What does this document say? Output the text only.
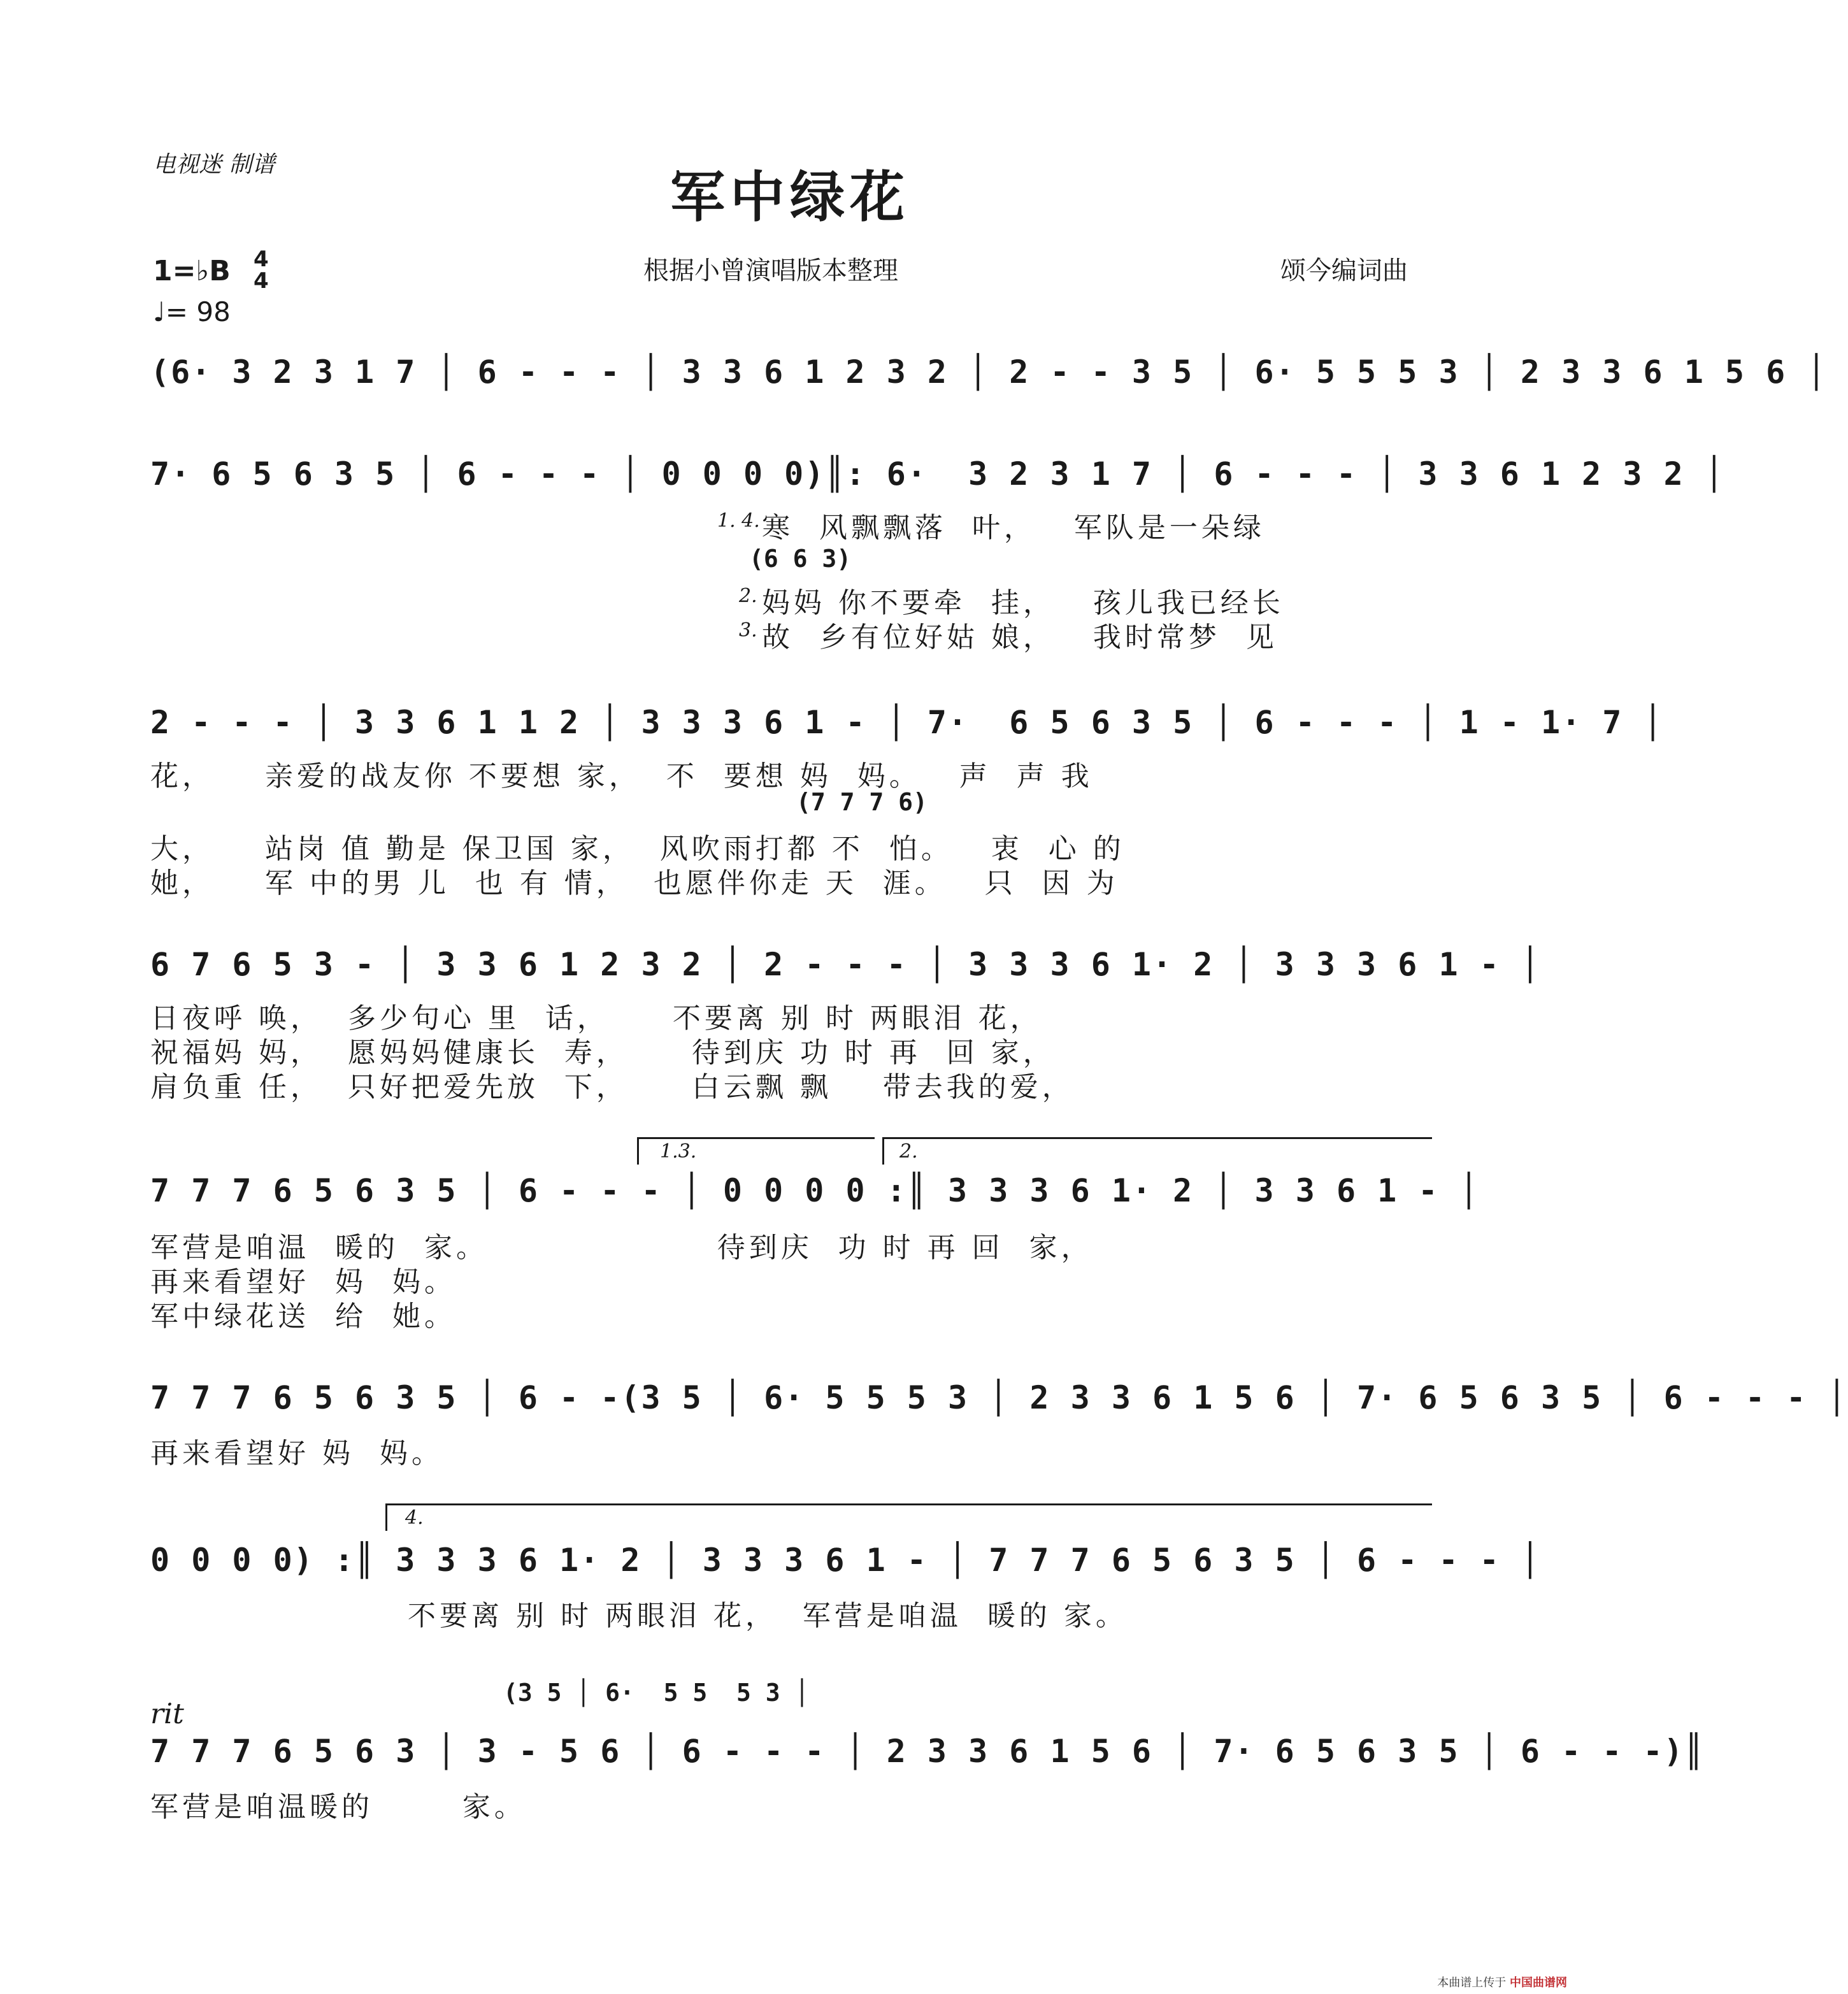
电视迷 制谱
军中绿花
根据小曾演唱版本整理	颂今编词曲
1=♭B 4
4
♩= 98
(6· 3 2 3 1 7 │ 6 - - - │ 3 3 6 1 2 3 2 │ 2 - - 3 5 │ 6· 5 5 5 3 │ 2 3 3 6 1 5 6 │
7· 6 5 6 3 5 │ 6 - - - │ 0 0 0 0)║: 6·  3 2 3 1 7 │ 6 - - - │ 3 3 6 1 2 3 2 │
1. 4. 寒  风飘飘落  叶，   军队是一朵绿
(6 6 3)
2. 妈妈 你不要牵  挂，   孩儿我已经长
3. 故  乡有位好姑 娘，   我时常梦  见
2 - - - │ 3 3 6 1 1 2 │ 3 3 3 6 1 - │ 7·  6 5 6 3 5 │ 6 - - - │ 1 - 1· 7 │
花，    亲爱的战友你 不要想 家，  不  要想 妈  妈。   声  声 我
(7 7 7 6)
大，    站岗 值 勤是 保卫国 家，  风吹雨打都 不  怕。   衷  心 的
她，    军 中的男 儿  也 有 情，  也愿伴你走 天  涯。   只  因 为
6 7 6 5 3 - │ 3 3 6 1 2 3 2 │ 2 - - - │ 3 3 3 6 1· 2 │ 3 3 3 6 1 - │
日夜呼 唤，  多少句心 里  话，     不要离 别 时 两眼泪 花，
祝福妈 妈，  愿妈妈健康长  寿，     待到庆 功 时 再  回 家，
肩负重 任，  只好把爱先放  下，     白云飘 飘    带去我的爱，
1.3.	2.
7 7 7 6 5 6 3 5 │ 6 - - - │ 0 0 0 0 :║ 3 3 3 6 1· 2 │ 3 3 6 1 - │
军营是咱温  暖的  家。                  待到庆  功 时 再 回  家，
再来看望好  妈  妈。
军中绿花送  给  她。
7 7 7 6 5 6 3 5 │ 6 - -(3 5 │ 6· 5 5 5 3 │ 2 3 3 6 1 5 6 │ 7· 6 5 6 3 5 │ 6 - - - │
再来看望好 妈  妈。
4.
0 0 0 0) :║ 3 3 3 6 1· 2 │ 3 3 3 6 1 - │ 7 7 7 6 5 6 3 5 │ 6 - - - │
不要离 别 时 两眼泪 花，  军营是咱温  暖的 家。
(3 5 │ 6·  5 5  5 3 │
rit
7 7 7 6 5 6 3 │ 3 - 5 6 │ 6 - - - │ 2 3 3 6 1 5 6 │ 7· 6 5 6 3 5 │ 6 - - -)║
军营是咱温暖的       家。
本曲谱上传于 中国曲谱网
